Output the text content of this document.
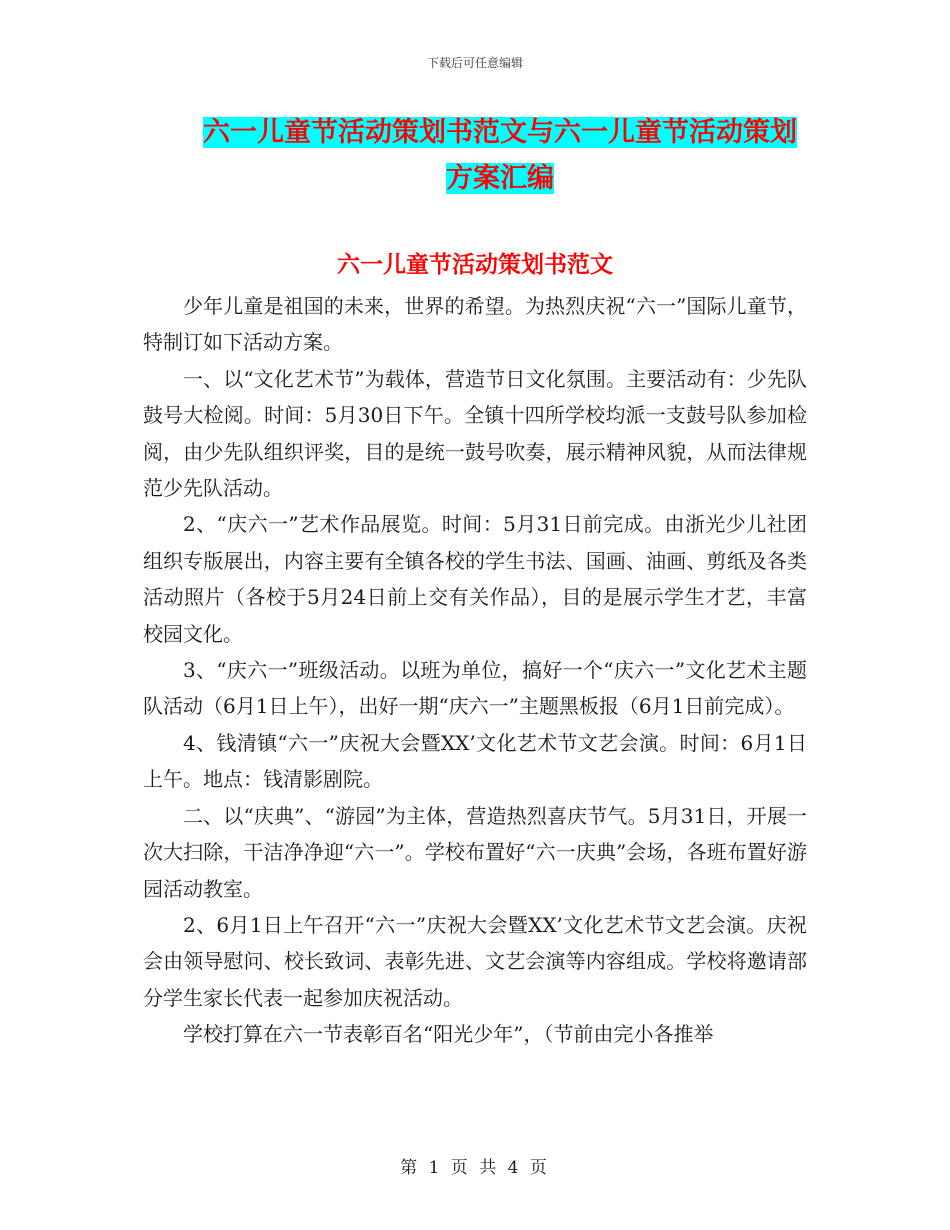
下载后可任意编辑
六一儿童节活动策划书范文与六一儿童节活动策划方案汇编
六一儿童节活动策划书范文

少年儿童是祖国的未来，世界的希望。为热烈庆祝“六一”国际儿童节，特制订如下活动方案。

一、以“文化艺术节”为载体，营造节日文化氛围。主要活动有：少先队鼓号大检阅。时间：5月30日下午。全镇十四所学校均派一支鼓号队参加检阅，由少先队组织评奖，目的是统一鼓号吹奏，展示精神风貌，从而法律规范少先队活动。

2、“庆六一”艺术作品展览。时间：5月31日前完成。由浙光少儿社团组织专版展出，内容主要有全镇各校的学生书法、国画、油画、剪纸及各类活动照片（各校于5月24日前上交有关作品），目的是展示学生才艺，丰富校园文化。

3、“庆六一”班级活动。以班为单位，搞好一个“庆六一”文化艺术主题队活动（6月1日上午），出好一期“庆六一”主题黑板报（6月1日前完成）。

4、钱清镇“六一”庆祝大会暨XX’文化艺术节文艺会演。时间：6月1日上午。地点：钱清影剧院。

二、以“庆典”、“游园”为主体，营造热烈喜庆节气。5月31日，开展一次大扫除，干洁净净迎“六一”。学校布置好“六一庆典”会场，各班布置好游园活动教室。

2、6月1日上午召开“六一”庆祝大会暨XX’文化艺术节文艺会演。庆祝会由领导慰问、校长致词、表彰先进、文艺会演等内容组成。学校将邀请部分学生家长代表一起参加庆祝活动。

学校打算在六一节表彰百名“阳光少年”，（节前由完小各推举

第 1 页 共 4 页
